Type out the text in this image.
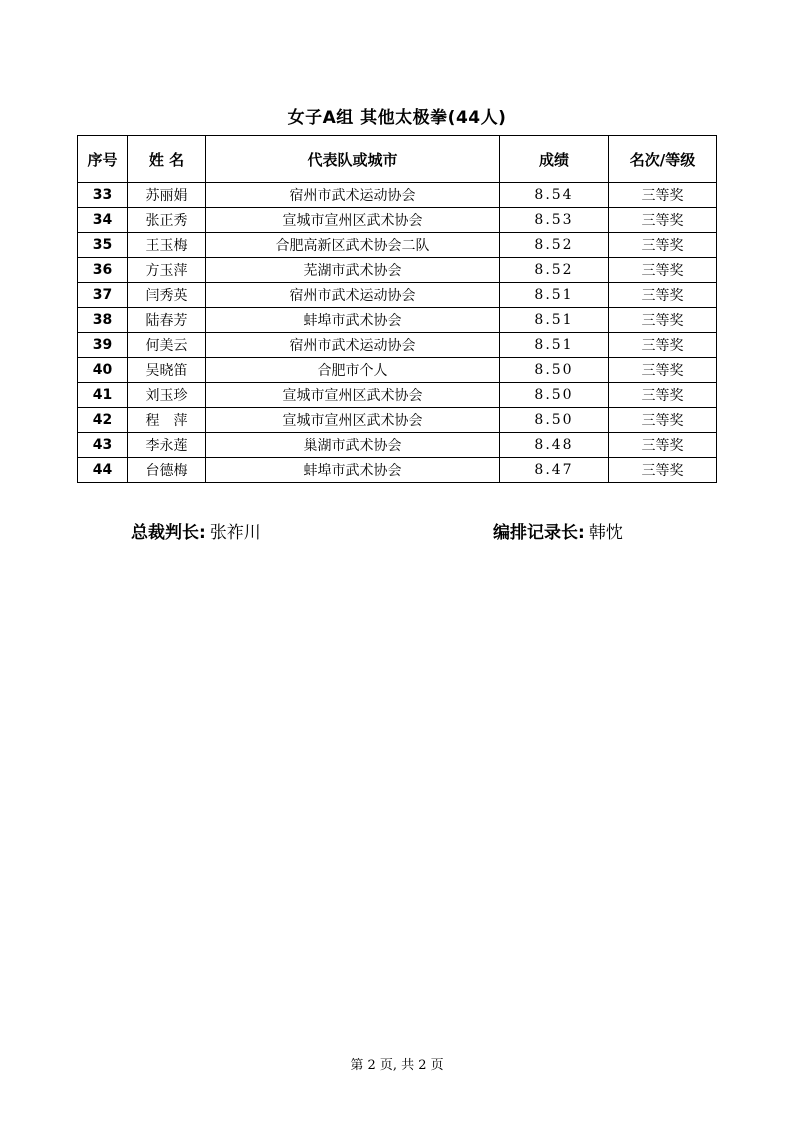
女子A组 其他太极拳(44人)
序号	姓 名	代表队或城市	成绩	名次/等级
33	苏丽娟	宿州市武术运动协会	8.54	三等奖
34	张正秀	宣城市宣州区武术协会	8.53	三等奖
35	王玉梅	合肥高新区武术协会二队	8.52	三等奖
36	方玉萍	芜湖市武术协会	8.52	三等奖
37	闫秀英	宿州市武术运动协会	8.51	三等奖
38	陆春芳	蚌埠市武术协会	8.51	三等奖
39	何美云	宿州市武术运动协会	8.51	三等奖
40	吴晓笛	合肥市个人	8.50	三等奖
41	刘玉珍	宣城市宣州区武术协会	8.50	三等奖
42	程　萍	宣城市宣州区武术协会	8.50	三等奖
43	李永莲	巢湖市武术协会	8.48	三等奖
44	台德梅	蚌埠市武术协会	8.47	三等奖
总裁判长: 张祚川	编排记录长: 韩忱
第 2 页, 共 2 页
